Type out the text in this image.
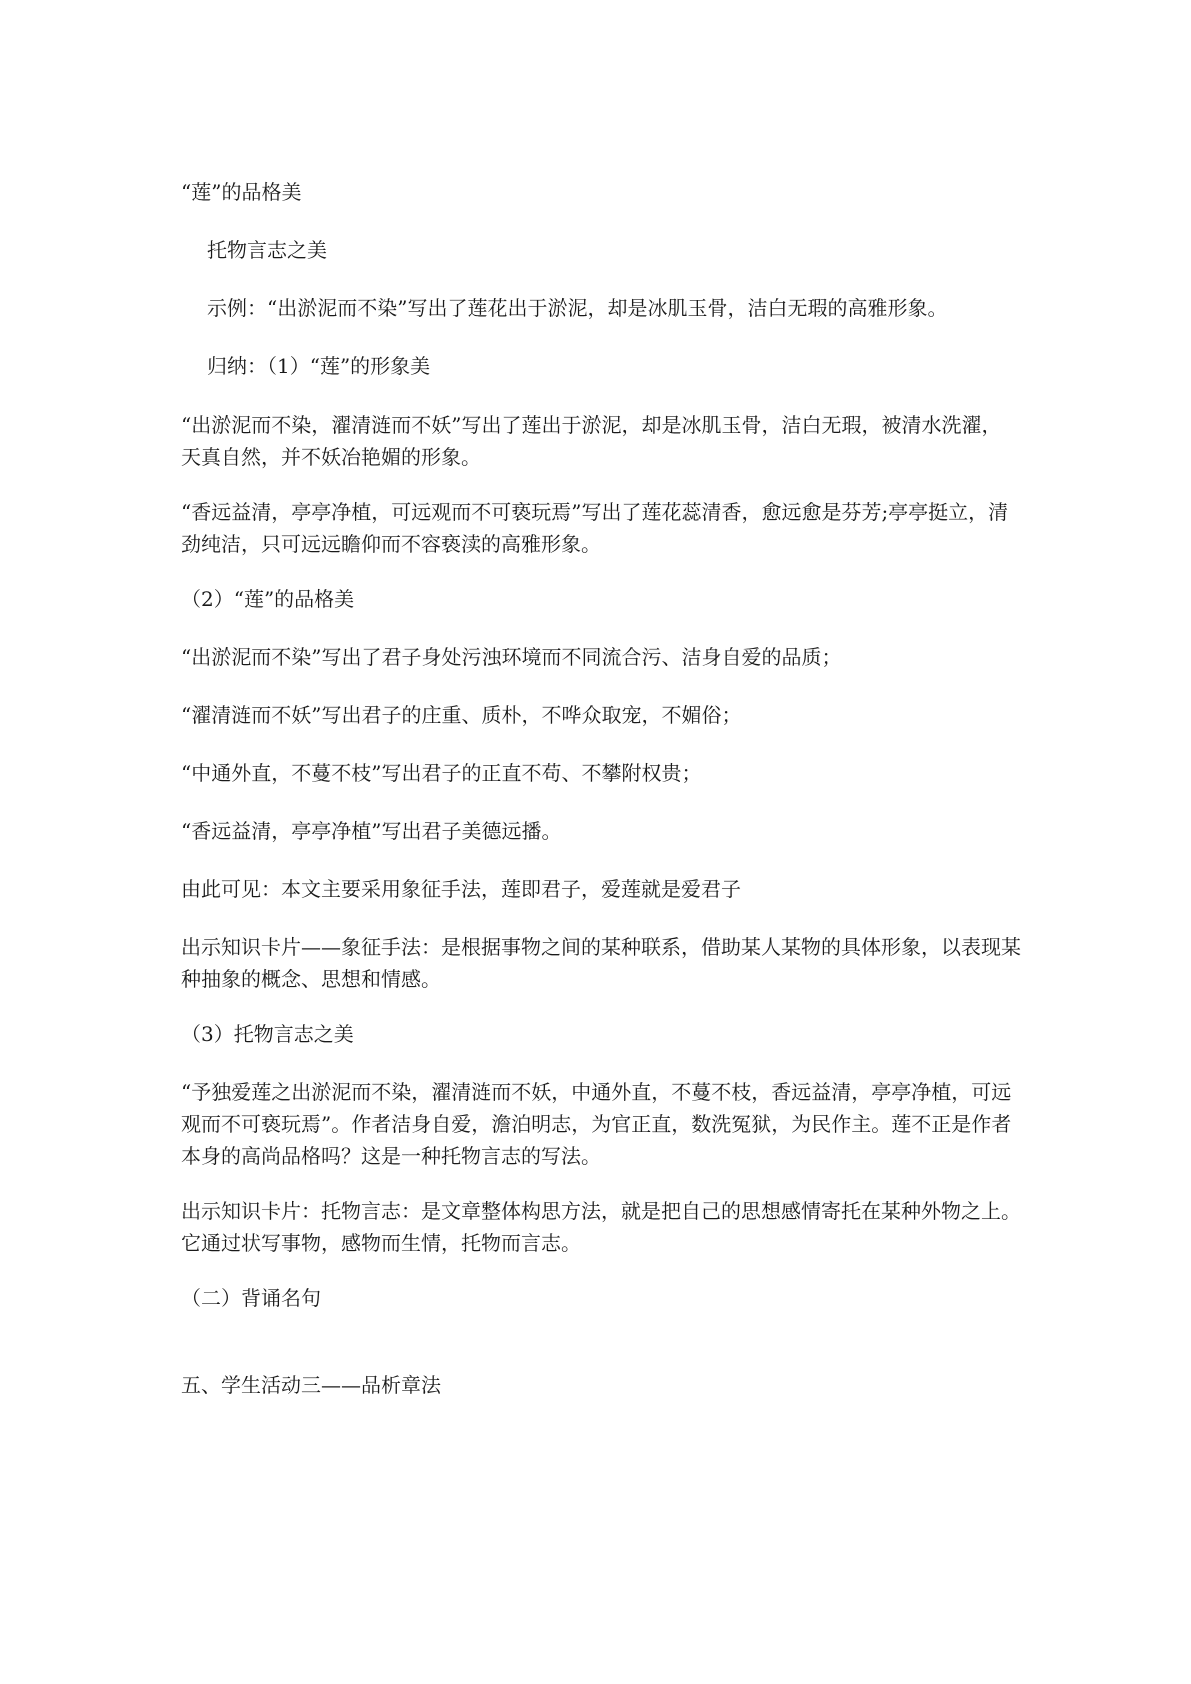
“莲”的品格美
托物言志之美
示例：“出淤泥而不染”写出了莲花出于淤泥，却是冰肌玉骨，洁白无瑕的高雅形象。
归纳：（1）“莲”的形象美
“出淤泥而不染，濯清涟而不妖”写出了莲出于淤泥，却是冰肌玉骨，洁白无瑕，被清水洗濯，天真自然，并不妖冶艳媚的形象。
“香远益清，亭亭净植，可远观而不可亵玩焉”写出了莲花蕊清香，愈远愈是芬芳;亭亭挺立，清劲纯洁，只可远远瞻仰而不容亵渎的高雅形象。
（2）“莲”的品格美
“出淤泥而不染”写出了君子身处污浊环境而不同流合污、洁身自爱的品质；
“濯清涟而不妖”写出君子的庄重、质朴，不哗众取宠，不媚俗；
“中通外直，不蔓不枝”写出君子的正直不苟、不攀附权贵；
“香远益清，亭亭净植”写出君子美德远播。
由此可见：本文主要采用象征手法，莲即君子，爱莲就是爱君子
出示知识卡片——象征手法：是根据事物之间的某种联系，借助某人某物的具体形象，以表现某种抽象的概念、思想和情感。
（3）托物言志之美
“予独爱莲之出淤泥而不染，濯清涟而不妖，中通外直，不蔓不枝，香远益清，亭亭净植，可远观而不可亵玩焉”。作者洁身自爱，澹泊明志，为官正直，数洗冤狱，为民作主。莲不正是作者本身的高尚品格吗？这是一种托物言志的写法。
出示知识卡片：托物言志：是文章整体构思方法，就是把自己的思想感情寄托在某种外物之上。它通过状写事物，感物而生情，托物而言志。
（二）背诵名句
五、学生活动三——品析章法
